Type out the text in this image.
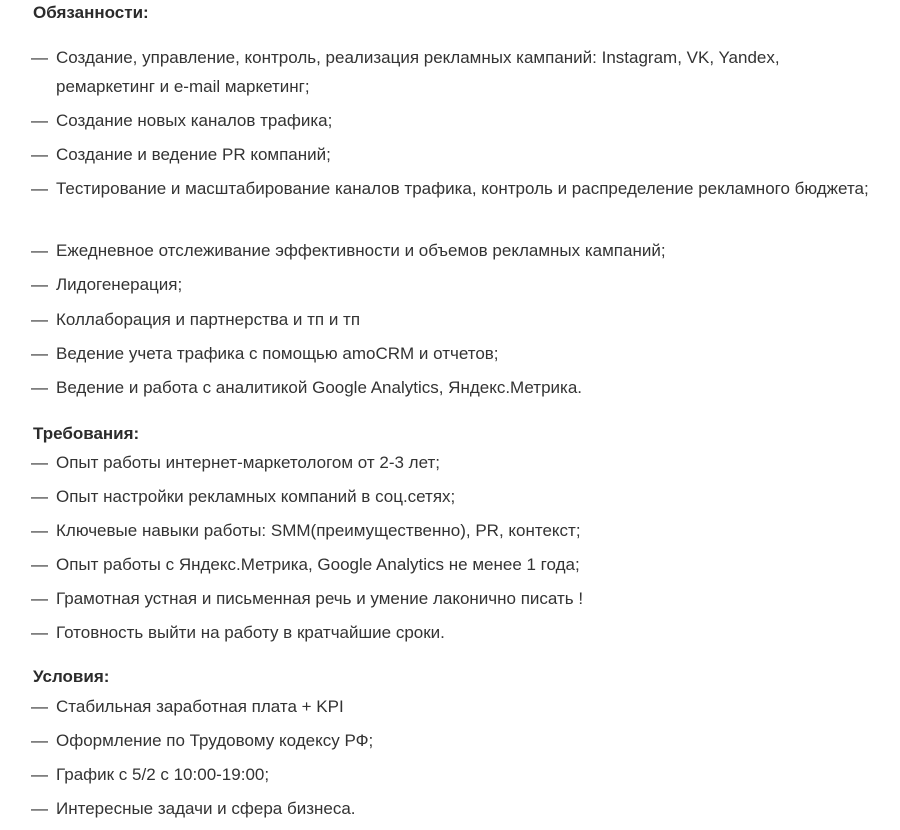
Обязанности:
— Создание, управление, контроль, реализация рекламных кампаний: Instagram, VK, Yandex, ремаркетинг и e-mail маркетинг;
— Создание новых каналов трафика;
— Создание и ведение PR компаний;
— Тестирование и масштабирование каналов трафика, контроль и распределение рекламного бюджета;
— Ежедневное отслеживание эффективности и объемов рекламных кампаний;
— Лидогенерация;
— Коллаборация и партнерства и тп и тп
— Ведение учета трафика с помощью amoCRM и отчетов;
— Ведение и работа с аналитикой Google Analytics, Яндекс.Метрика.
Требования:
— Опыт работы интернет-маркетологом от 2-3 лет;
— Опыт настройки рекламных компаний в соц.сетях;
— Ключевые навыки работы: SMM(преимущественно), PR, контекст;
— Опыт работы с Яндекс.Метрика, Google Analytics не менее 1 года;
— Грамотная устная и письменная речь и умение лаконично писать !
— Готовность выйти на работу в кратчайшие сроки.
Условия:
— Стабильная заработная плата + KPI
— Оформление по Трудовому кодексу РФ;
— График с 5/2 с 10:00-19:00;
— Интересные задачи и сфера бизнеса.
